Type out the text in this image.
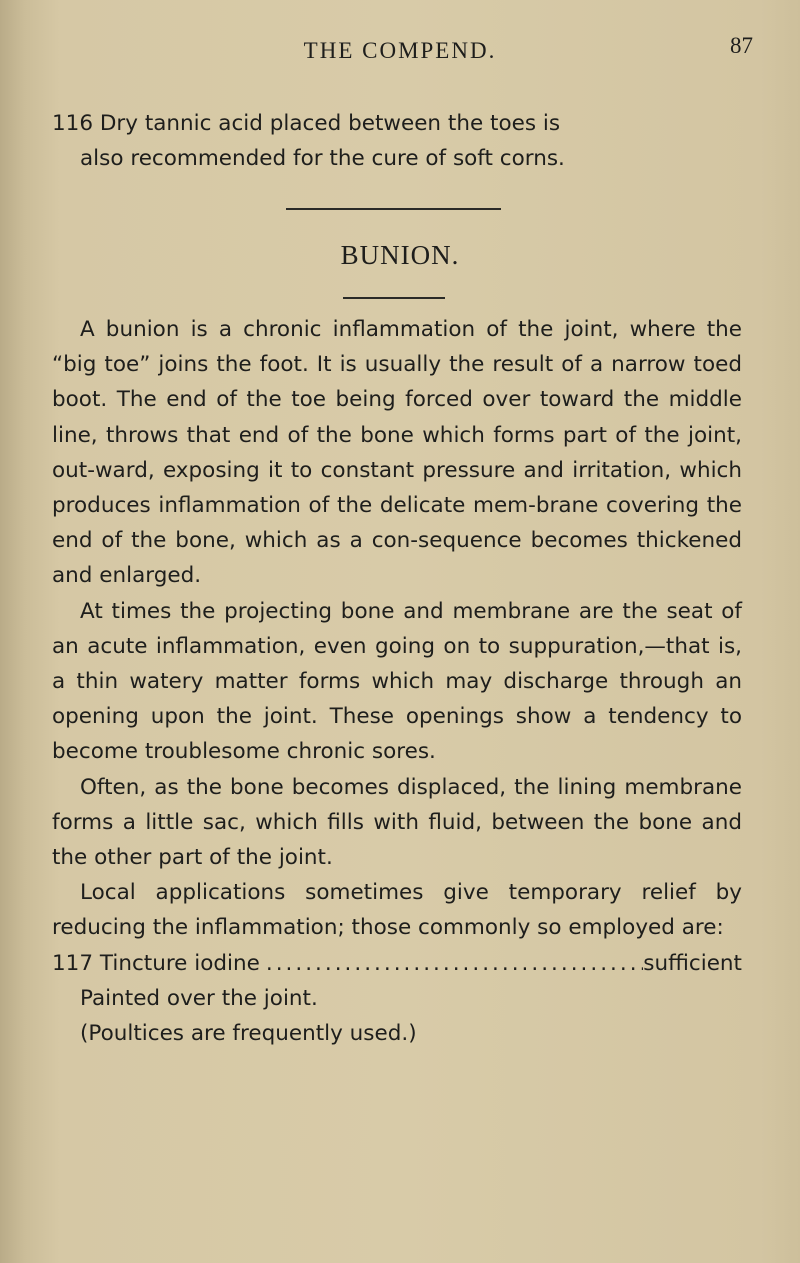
THE COMPEND.	87
116 Dry tannic acid placed between the toes is
also recommended for the cure of soft corns.
BUNION.

A bunion is a chronic inflammation of the joint, where the “big toe” joins the foot. It is usually the result of a narrow toed boot. The end of the toe being forced over toward the middle line, throws that end of the bone which forms part of the joint, out-ward, exposing it to constant pressure and irritation, which produces inflammation of the delicate mem-brane covering the end of the bone, which as a con-sequence becomes thickened and enlarged.

At times the projecting bone and membrane are the seat of an acute inflammation, even going on to suppuration,—that is, a thin watery matter forms which may discharge through an opening upon the joint. These openings show a tendency to become troublesome chronic sores.

Often, as the bone becomes displaced, the lining membrane forms a little sac, which fills with fluid, between the bone and the other part of the joint.

Local applications sometimes give temporary relief by reducing the inflammation; those commonly so employed are:

117 Tincture iodine
.....	sufficient
Painted over the joint.
(Poultices are frequently used.)
